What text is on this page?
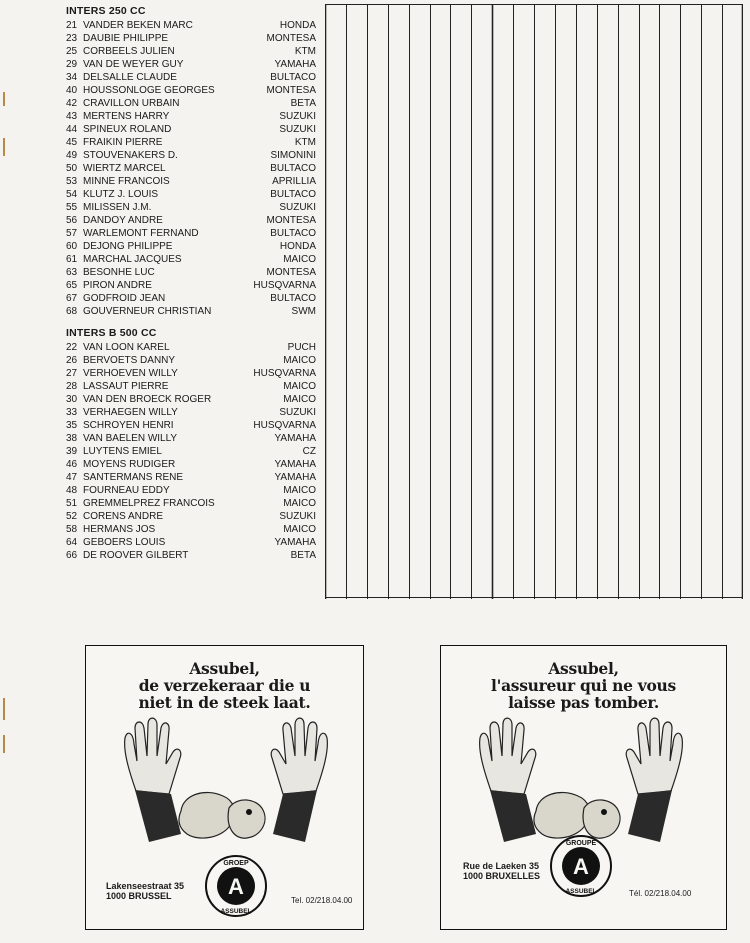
INTERS 250 CC
21 VANDER BEKEN MARC	HONDA
23 DAUBIE PHILIPPE	MONTESA
25 CORBEELS JULIEN	KTM
29 VAN DE WEYER GUY	YAMAHA
34 DELSALLE CLAUDE	BULTACO
40 HOUSSONLOGE GEORGES	MONTESA
42 CRAVILLON URBAIN	BETA
43 MERTENS HARRY	SUZUKI
44 SPINEUX ROLAND	SUZUKI
45 FRAIKIN PIERRE	KTM
49 STOUVENAKERS D.	SIMONINI
50 WIERTZ MARCEL	BULTACO
53 MINNE FRANCOIS	APRILLIA
54 KLUTZ J. LOUIS	BULTACO
55 MILISSEN J.M.	SUZUKI
56 DANDOY ANDRE	MONTESA
57 WARLEMONT FERNAND	BULTACO
60 DEJONG PHILIPPE	HONDA
61 MARCHAL JACQUES	MAICO
63 BESONHE LUC	MONTESA
65 PIRON ANDRE	HUSQVARNA
67 GODFROID JEAN	BULTACO
68 GOUVERNEUR CHRISTIAN	SWM
INTERS B 500 CC
22 VAN LOON KAREL	PUCH
26 BERVOETS DANNY	MAICO
27 VERHOEVEN WILLY	HUSQVARNA
28 LASSAUT PIERRE	MAICO
30 VAN DEN BROECK ROGER	MAICO
33 VERHAEGEN WILLY	SUZUKI
35 SCHROYEN HENRI	HUSQVARNA
38 VAN BAELEN WILLY	YAMAHA
39 LUYTENS EMIEL	CZ
46 MOYENS RUDIGER	YAMAHA
47 SANTERMANS RENE	YAMAHA
48 FOURNEAU EDDY	MAICO
51 GREMMELPREZ FRANCOIS	MAICO
52 CORENS ANDRE	SUZUKI
58 HERMANS JOS	MAICO
64 GEBOERS LOUIS	YAMAHA
66 DE ROOVER GILBERT	BETA
Assubel,
de verzekeraar die u
niet in de steek laat.
Lakenseestraat 35
1000 BRUSSEL	A
GROEP
ASSUBEL
Tel. 02/218.04.00
Assubel,
l'assureur qui ne vous
laisse pas tomber.
Rue de Laeken 35
1000 BRUXELLES A
GROUPE
ASSUBEL	Tél. 02/218.04.00
